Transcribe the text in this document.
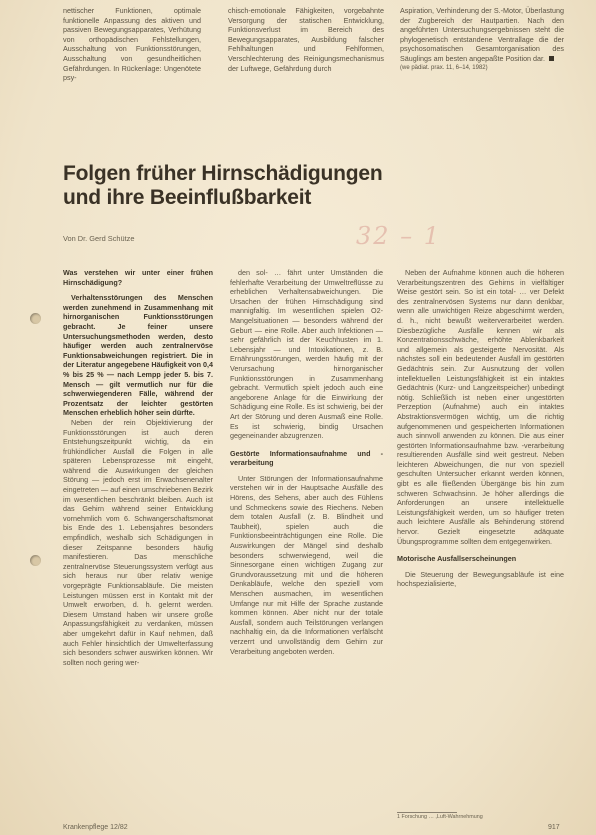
nettischer Funktionen, optimale funktionelle Anpassung des aktiven und passiven Bewegungsapparates, Verhütung von orthopädischen Fehlstellungen, Ausschaltung von Funktionsstörungen, Ausschaltung von gesundheitlichen Gefährdungen. In Rückenlage: Ungenötete psy-

chisch-emotionale Fähigkeiten, vorgebahnte Versorgung der statischen Entwicklung, Funktionsverlust im Bereich des Bewegungsapparates, Ausbildung falscher Fehlhaltungen und Fehlformen, Verschlechterung des Reinigungsmechanismus der Luftwege, Gefährdung durch

Aspiration, Verhinderung der S.-Motor, Überlastung der Zugbereich der Hautpartien. Nach den angeführten Untersuchungsergebnissen steht die phylogenetisch entstandene Ventrallage die der psychosomatischen Gesamtorganisation des Säuglings am besten angepaßte Position dar.

(we pädiat. prax. 11, 6–14, 1982)

Folgen früher Hirnschädigungen
und ihre Beeinflußbarkeit
32 – 1
Von Dr. Gerd Schütze

Was verstehen wir unter einer frühen Hirnschädigung?

Verhaltensstörungen des Menschen werden zunehmend in Zusammenhang mit hirnorganischen Funktionsstörungen gebracht. Je feiner unsere Untersuchungsmethoden werden, desto häufiger werden auch zentralnervöse Funktionsabweichungen registriert. Die in der Literatur angegebene Häufigkeit von 0,4 % bis 25 % — nach Lempp jeder 5. bis 7. Mensch — gilt vermutlich nur für die schwerwiegenderen Fälle, während der Prozentsatz der leichter gestörten Menschen erheblich höher sein dürfte.

Neben der rein Objektivierung der Funktionsstörungen ist auch deren Entstehungszeitpunkt wichtig, da ein frühkindlicher Ausfall die Folgen in alle späteren Lebensprozesse mit eingeht, während die Auswirkungen der gleichen Störung — jedoch erst im Erwachsenenalter eingetreten — auf einen umschriebenen Bezirk im wesentlichen beschränkt bleiben. Auch ist das Gehirn während seiner Entwicklung vornehmlich vom 6. Schwangerschaftsmonat bis Ende des 1. Lebensjahres besonders empfindlich, weshalb sich Schädigungen in dieser Zeitspanne besonders häufig manifestieren. Das menschliche zentralnervöse Steuerungssystem verfügt aus sich heraus nur über relativ wenige vorgeprägte Funktionsabläufe. Die meisten Leistungen müssen erst in Kontakt mit der Umwelt erworben, d. h. gelernt werden. Diesem Umstand haben wir unsere große Anpassungsfähigkeit zu verdanken, müssen aber umgekehrt dafür in Kauf nehmen, daß auch Fehler hinsichtlich der Umwelterfassung sich besonders schwer auswirken können. Wir sollten noch gering wer-

den sol- … fährt unter Umständen die fehlerhafte Verarbeitung der Umweltreflüsse zu erheblichen Verhaltensabweichungen. Die Ursachen der frühen Hirnschädigung sind mannigfaltig. Im wesentlichen spielen O2-Mangelsituationen — besonders während der Geburt — eine Rolle. Aber auch Infektionen — sehr gefährlich ist der Keuchhusten im 1. Lebensjahr — und Intoxikationen, z. B. Ernährungsstörungen, werden häufig mit der Verursachung hirnorganischer Funktionsstörungen in Zusammenhang gebracht. Vermutlich spielt jedoch auch eine angeborene Anlage für die Einwirkung der Schädigung eine Rolle. Es ist schwierig, bei der Art der Störung und deren Ausmaß eine Rolle. Es ist schwierig, bindig Ursachen gegeneinander abzugrenzen.

Gestörte Informationsaufnahme und -verarbeitung

Unter Störungen der Informationsaufnahme verstehen wir in der Hauptsache Ausfälle des Hörens, des Sehens, aber auch des Fühlens und Schmeckens sowie des Riechens. Neben dem totalen Ausfall (z. B. Blindheit und Taubheit), spielen auch die Funktionsbeeinträchtigungen eine Rolle. Die Auswirkungen der Mängel sind deshalb besonders schwerwiegend, weil die Sinnesorgane einen wichtigen Zugang zur Grundvoraussetzung mit und die höheren Denkabläufe, welche den speziell vom Menschen ausmachen, im wesentlichen Umfange nur mit Hilfe der Sprache zustande kommen können. Aber nicht nur der totale Ausfall, sondern auch Teilstörungen verlangen nachhaltig ein, da die Informationen verfälscht verzerrt und unvollständig dem Gehirn zur Verarbeitung angeboten werden.

Neben der Aufnahme können auch die höheren Verarbeitungszentren des Gehirns in vielfältiger Weise gestört sein. So ist ein total- … ver Defekt des zentralnervösen Systems nur dann denkbar, wenn alle unwichtigen Reize abgeschirmt werden, d. h., nicht bewußt weiterverarbeitet werden. Diesbezügliche Ausfälle kennen wir als Konzentrationsschwäche, erhöhte Ablenkbarkeit und allgemein als gesteigerte Nervosität. Als nächstes soll ein bedeutender Ausfall im gestörten Gedächtnis sein. Zur Ausnutzung der vollen intellektuellen Leistungsfähigkeit ist ein intaktes Gedächtnis (Kurz- und Langzeitspeicher) unbedingt nötig. Schließlich ist neben einer ungestörten Perzeption (Aufnahme) auch ein intaktes Abstraktionsvermögen wichtig, um die richtig aufgenommenen und gespeicherten Informationen auch sinnvoll anwenden zu können. Die aus einer gestörten Informationsaufnahme bzw. -verarbeitung resultierenden Ausfälle sind weit gestreut. Neben leichteren Abweichungen, die nur von speziell geschulten Untersucher erkannt werden können, gibt es alle fließenden Übergänge bis hin zum schweren Schwachsinn. Je höher allerdings die Anforderungen an unsere intellektuelle Leistungsfähigkeit werden, um so häufiger treten auch leichtere Ausfälle als Behinderung störend hervor. Gezielt eingesetzte adäquate Übungsprogramme sollten dem entgegenwirken.

Motorische Ausfallserscheinungen

Die Steuerung der Bewegungsabläufe ist eine hochspezialisierte,

1 Forschung … ,Luft-Wahrnehmung
Krankenpflege 12/82	917
